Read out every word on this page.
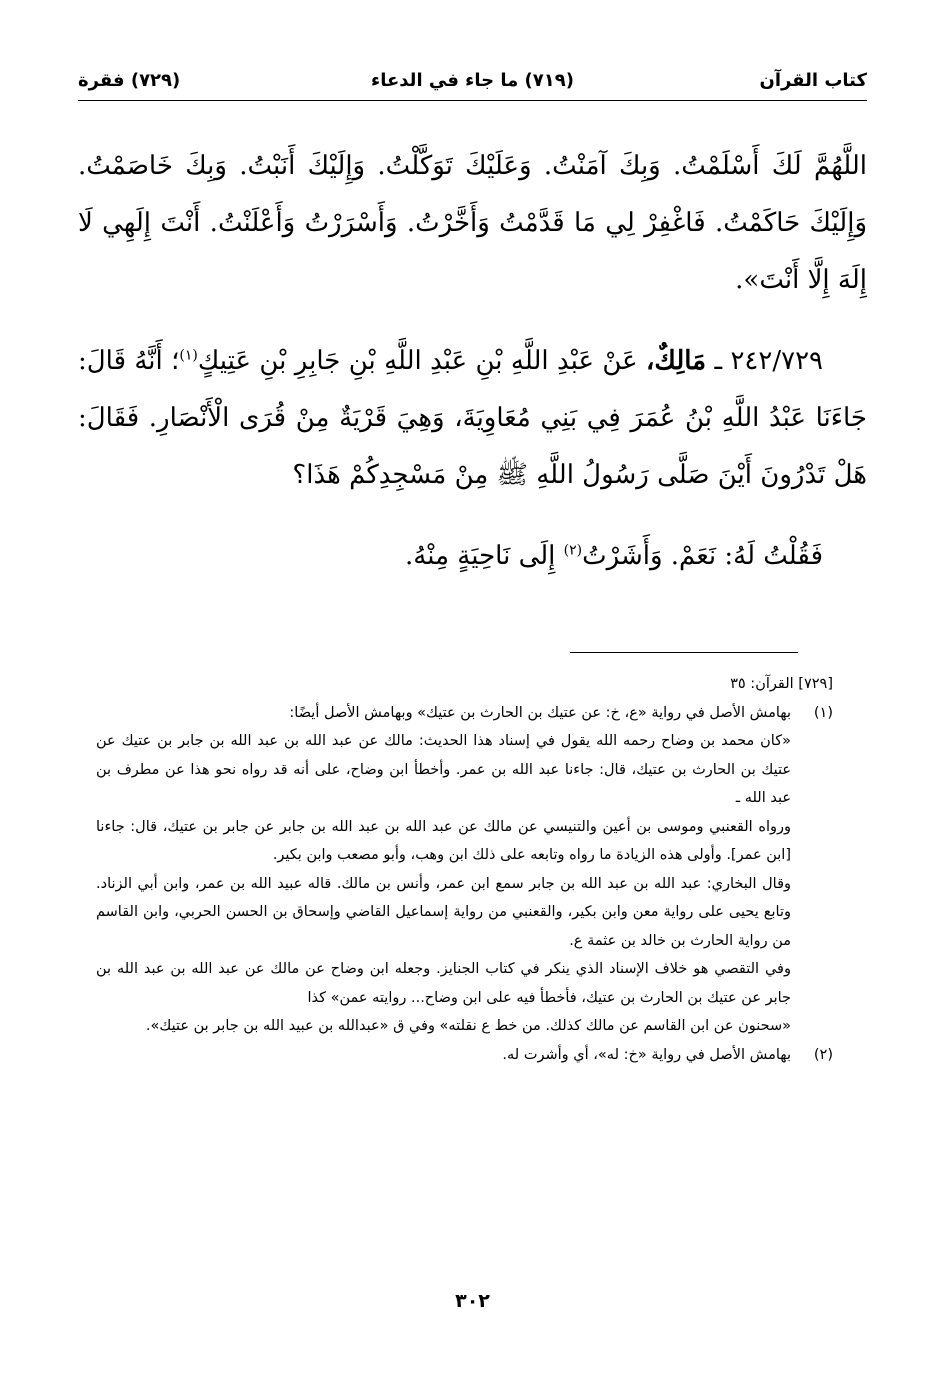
(٧١٩) ما جاء في الدعاء	كتاب القرآن
(٧٢٩) فقرة

اللَّهُمَّ لَكَ أَسْلَمْتُ. وَبِكَ آمَنْتُ. وَعَلَيْكَ تَوَكَّلْتُ. وَإِلَيْكَ أَنَبْتُ. وَبِكَ خَاصَمْتُ. وَإِلَيْكَ حَاكَمْتُ. فَاغْفِرْ لِي مَا قَدَّمْتُ وَأَخَّرْتُ. وَأَسْرَرْتُ وَأَعْلَنْتُ. أَنْتَ إِلَهِي لَا إِلَهَ إِلَّا أَنْتَ».

٢٤٢/٧٢٩ ـ مَالِكٌ، عَنْ عَبْدِ اللَّهِ بْنِ عَبْدِ اللَّهِ بْنِ جَابِرِ بْنِ عَتِيكٍ$^{(١)}$؛ أَنَّهُ قَالَ: جَاءَنَا عَبْدُ اللَّهِ بْنُ عُمَرَ فِي بَنِي مُعَاوِيَةَ، وَهِيَ قَرْيَةٌ مِنْ قُرَى الْأَنْصَارِ. فَقَالَ: هَلْ تَدْرُونَ أَيْنَ صَلَّى رَسُولُ اللَّهِ ﷺ مِنْ مَسْجِدِكُمْ هَذَا؟

فَقُلْتُ لَهُ: نَعَمْ. وَأَشَرْتُ$^{(٢)}$ إِلَى نَاحِيَةٍ مِنْهُ.

[٧٢٩] القرآن: ٣٥

(١)

بهامش الأصل في رواية «ع، خ: عن عتيك بن الحارث بن عتيك» وبهامش الأصل أيضًا:

«كان محمد بن وضاح رحمه الله يقول في إسناد هذا الحديث: مالك عن عبد الله بن عبد الله بن جابر بن عتيك عن عتيك بن الحارث بن عتيك، قال: جاءنا عبد الله بن عمر. وأخطأ ابن وضاح، على أنه قد رواه نحو هذا عن مطرف بن عبد الله ـ

ورواه القعنبي وموسى بن أعين والتنيسي عن مالك عن عبد الله بن عبد الله بن جابر عن جابر بن عتيك، قال: جاءنا [ابن عمر]. وأولى هذه الزيادة ما رواه وتابعه على ذلك ابن وهب، وأبو مصعب وابن بكير.

وقال البخاري: عبد الله بن عبد الله بن جابر سمع ابن عمر، وأنس بن مالك. قاله عبيد الله بن عمر، وابن أبي الزناد. وتابع يحيى على رواية معن وابن بكير، والقعنبي من رواية إسماعيل القاضي وإسحاق بن الحسن الحربي، وابن القاسم من رواية الحارث بن خالد بن عثمة ع.

وفي التقصي هو خلاف الإسناد الذي ينكر في كتاب الجنايز. وجعله ابن وضاح عن مالك عن عبد الله بن عبد الله بن جابر عن عتيك بن الحارث بن عتيك، فأخطأ فيه على ابن وضاح... روايته عمن» كذا

«سحنون عن ابن القاسم عن مالك كذلك. من خط ع نقلته» وفي ق «عبدالله بن عبيد الله بن جابر بن عتيك».

(٢)

بهامش الأصل في رواية «خ: له»، أي وأشرت له.

٣٠٢
